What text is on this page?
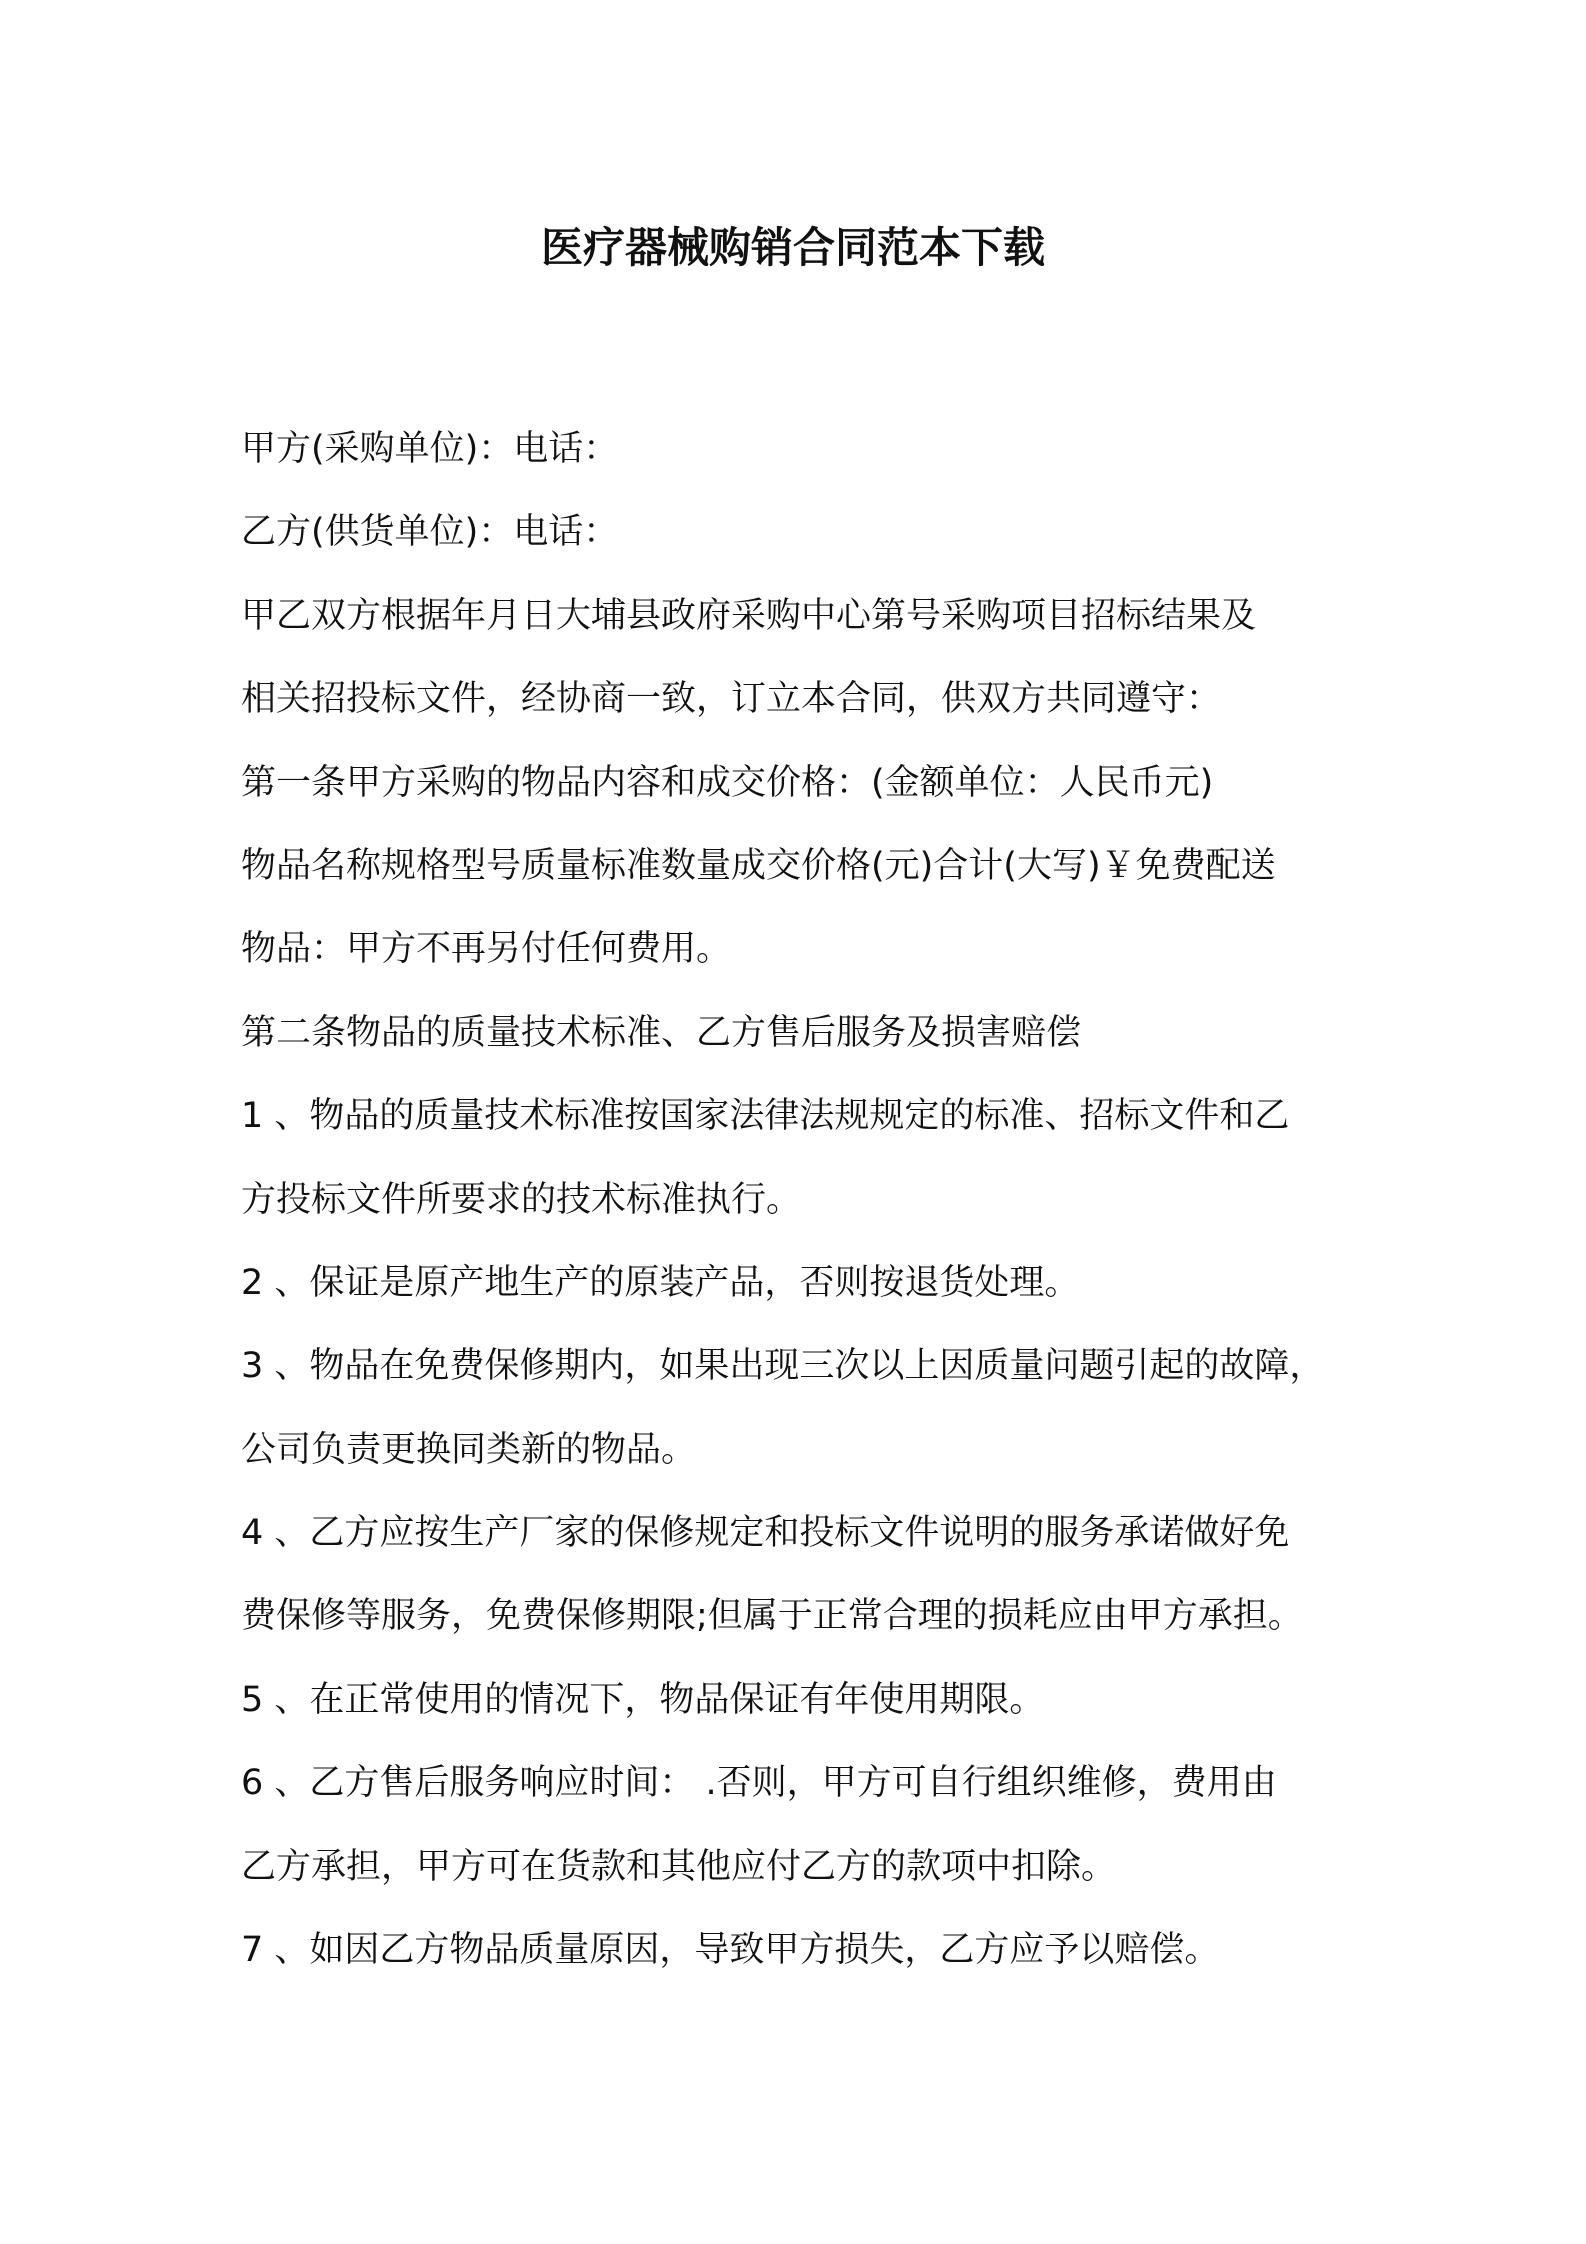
医疗器械购销合同范本下载
甲方(采购单位)：电话：
乙方(供货单位)：电话：
甲乙双方根据年月日大埔县政府采购中心第号采购项目招标结果及
相关招投标文件，经协商一致，订立本合同，供双方共同遵守：
第一条甲方采购的物品内容和成交价格：(金额单位：人民币元)
物品名称规格型号质量标准数量成交价格(元)合计(大写)￥免费配送
物品：甲方不再另付任何费用。
第二条物品的质量技术标准、乙方售后服务及损害赔偿
1 、物品的质量技术标准按国家法律法规规定的标准、招标文件和乙
方投标文件所要求的技术标准执行。
2 、保证是原产地生产的原装产品，否则按退货处理。
3 、物品在免费保修期内，如果出现三次以上因质量问题引起的故障，
公司负责更换同类新的物品。
4 、乙方应按生产厂家的保修规定和投标文件说明的服务承诺做好免
费保修等服务，免费保修期限;但属于正常合理的损耗应由甲方承担。
5 、在正常使用的情况下，物品保证有年使用期限。
6 、乙方售后服务响应时间： .否则，甲方可自行组织维修，费用由
乙方承担，甲方可在货款和其他应付乙方的款项中扣除。
7 、如因乙方物品质量原因，导致甲方损失，乙方应予以赔偿。
